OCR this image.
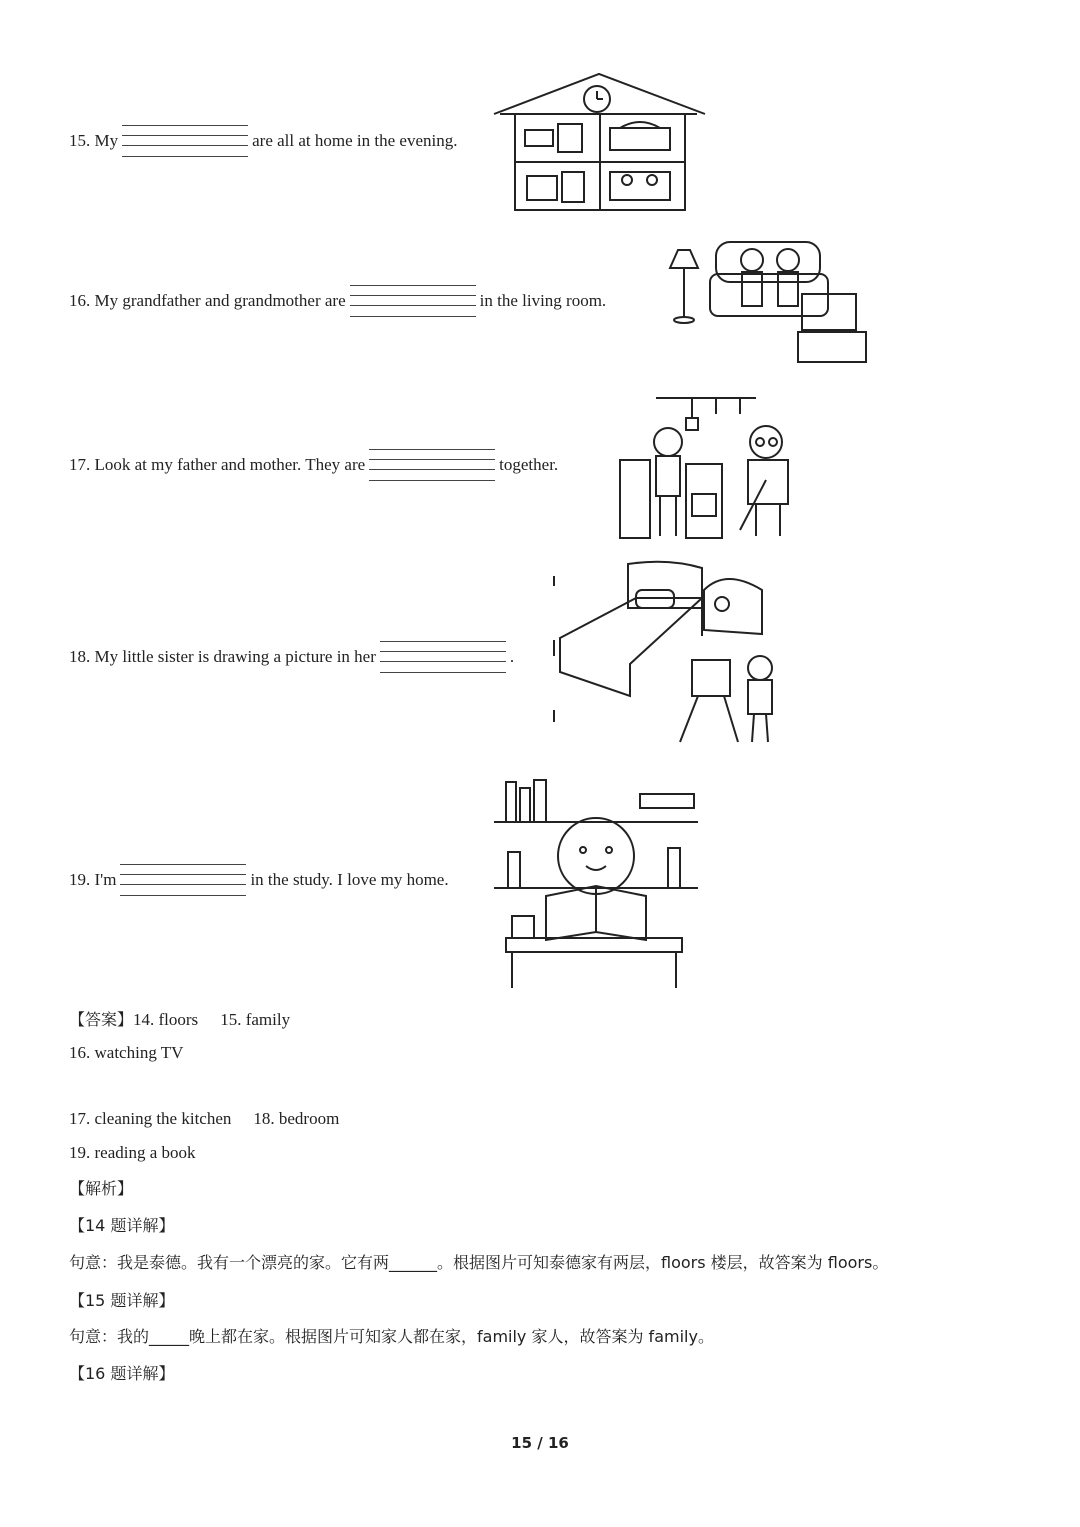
15. My	are all at home in the evening.
16. My grandfather and grandmother are	in the living room.
17. Look at my father and mother. They are	together.
18. My little sister is drawing a picture in her	.
19. I'm	in the study. I love my home.
【答案】14. floors 15. family
16. watching TV
17. cleaning the kitchen 18. bedroom
19. reading a book
【解析】
【14 题详解】
句意：我是泰德。我有一个漂亮的家。它有两______。根据图片可知泰德家有两层，floors 楼层，故答案为 floors。
【15 题详解】
句意：我的_____晚上都在家。根据图片可知家人都在家，family 家人，故答案为 family。
【16 题详解】
15 / 16
